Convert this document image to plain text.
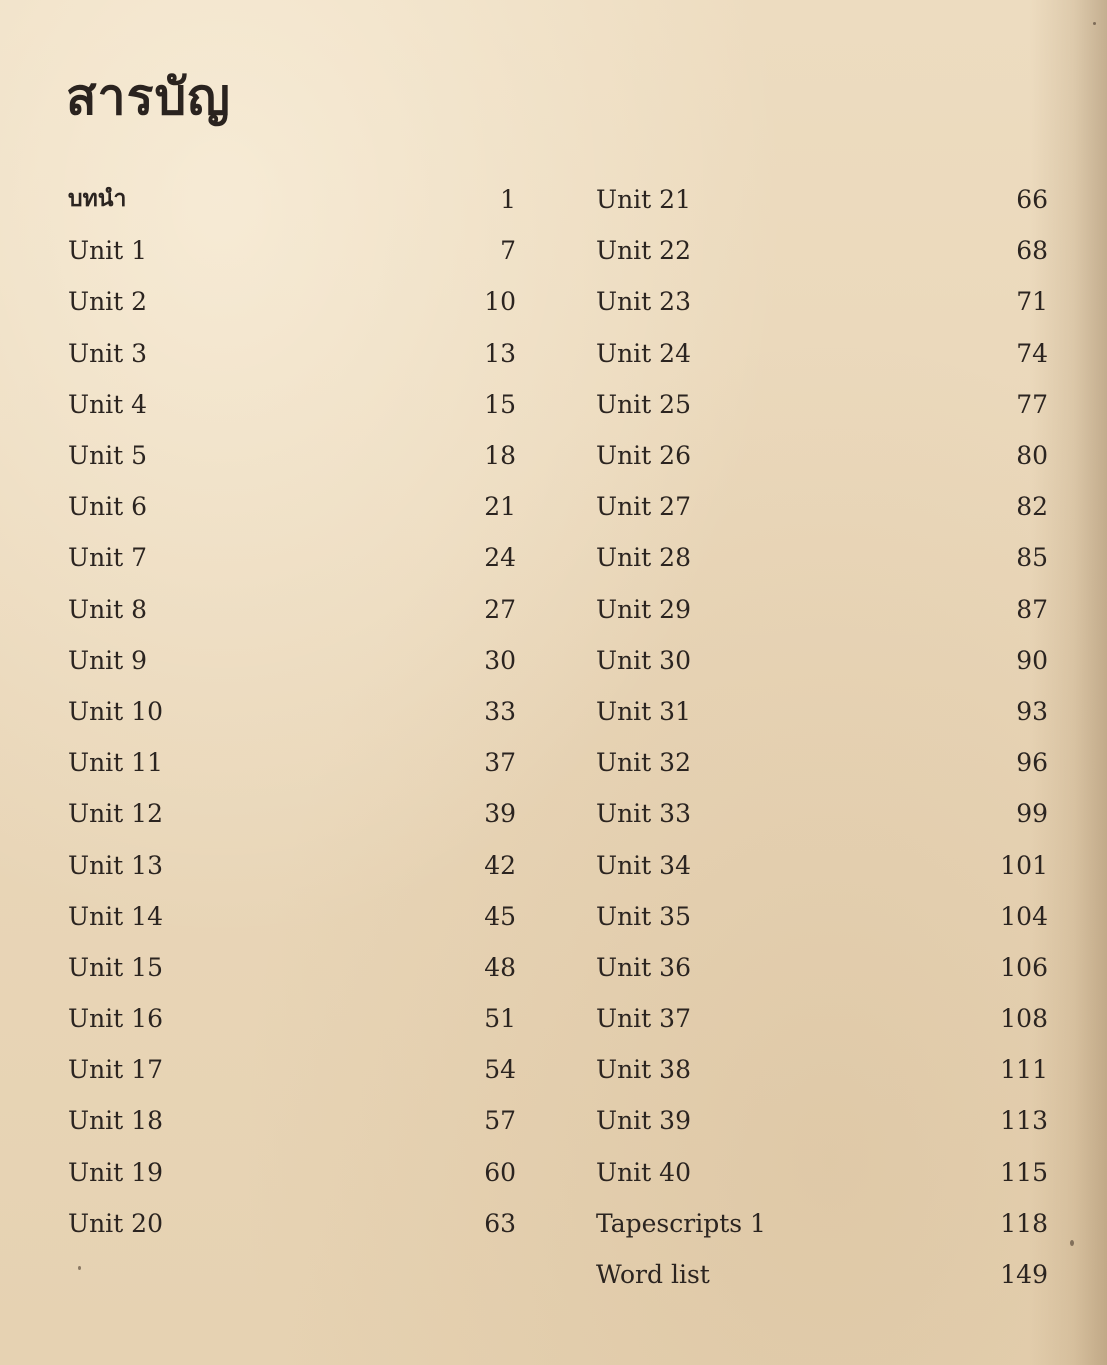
สารบัญ
บทนำ	1
Unit 1	7
Unit 2	10
Unit 3	13
Unit 4	15
Unit 5	18
Unit 6	21
Unit 7	24
Unit 8	27
Unit 9	30
Unit 10	33
Unit 11	37
Unit 12	39
Unit 13	42
Unit 14	45
Unit 15	48
Unit 16	51
Unit 17	54
Unit 18	57
Unit 19	60
Unit 20	63
Unit 21	66
Unit 22	68
Unit 23	71
Unit 24	74
Unit 25	77
Unit 26	80
Unit 27	82
Unit 28	85
Unit 29	87
Unit 30	90
Unit 31	93
Unit 32	96
Unit 33	99
Unit 34	101
Unit 35	104
Unit 36	106
Unit 37	108
Unit 38	111
Unit 39	113
Unit 40	115
Tapescripts 1	118
Word list	149
